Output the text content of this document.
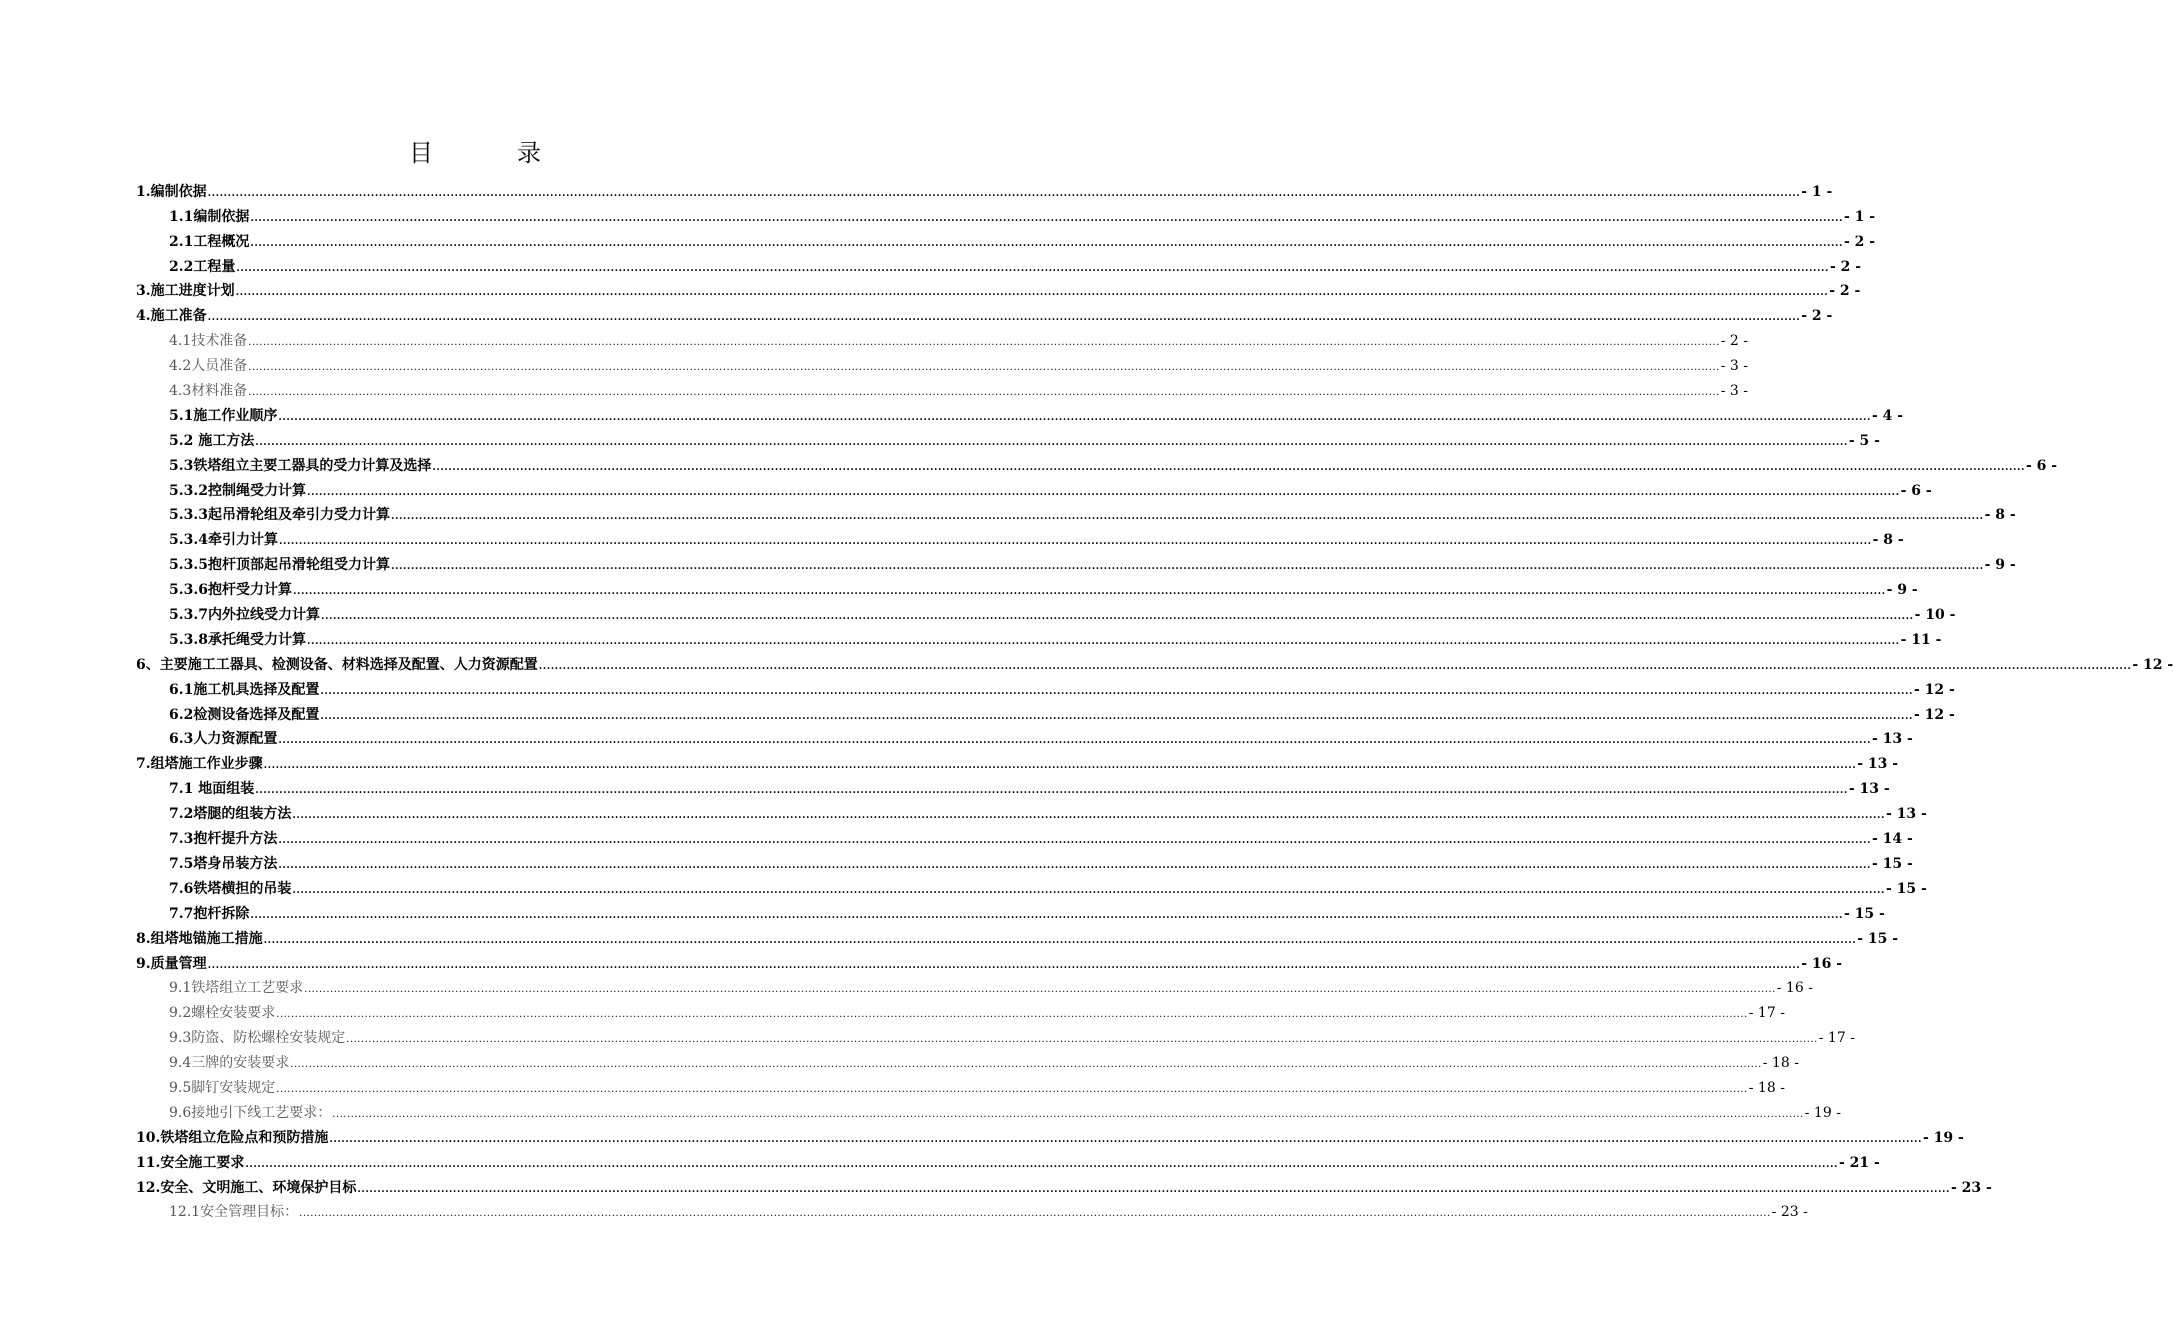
目　录
1.编制依据 ................................................................................................................................................................................................................................................................................................................................................................................................................ - 1 -
1.1编制依据 ................................................................................................................................................................................................................................................................................................................................................................................................................ - 1 -
2.1工程概况 ................................................................................................................................................................................................................................................................................................................................................................................................................ - 2 -
2.2工程量 ................................................................................................................................................................................................................................................................................................................................................................................................................ - 2 -
3.施工进度计划 ................................................................................................................................................................................................................................................................................................................................................................................................................ - 2 -
4.施工准备 ................................................................................................................................................................................................................................................................................................................................................................................................................ - 2 -
4.1技术准备 ................................................................................................................................................................................................................................................................................................................................................................................................................ - 2 -
4.2人员准备 ................................................................................................................................................................................................................................................................................................................................................................................................................ - 3 -
4.3材料准备 ................................................................................................................................................................................................................................................................................................................................................................................................................ - 3 -
5.1施工作业顺序 ................................................................................................................................................................................................................................................................................................................................................................................................................ - 4 -
5.2 施工方法 ................................................................................................................................................................................................................................................................................................................................................................................................................ - 5 -
5.3铁塔组立主要工器具的受力计算及选择 ................................................................................................................................................................................................................................................................................................................................................................................................................ - 6 -
5.3.2控制绳受力计算 ................................................................................................................................................................................................................................................................................................................................................................................................................ - 6 -
5.3.3起吊滑轮组及牵引力受力计算 ................................................................................................................................................................................................................................................................................................................................................................................................................ - 8 -
5.3.4牵引力计算 ................................................................................................................................................................................................................................................................................................................................................................................................................ - 8 -
5.3.5抱杆顶部起吊滑轮组受力计算 ................................................................................................................................................................................................................................................................................................................................................................................................................ - 9 -
5.3.6抱杆受力计算 ................................................................................................................................................................................................................................................................................................................................................................................................................ - 9 -
5.3.7内外拉线受力计算 ................................................................................................................................................................................................................................................................................................................................................................................................................ - 10 -
5.3.8承托绳受力计算 ................................................................................................................................................................................................................................................................................................................................................................................................................ - 11 -
6、主要施工工器具、检测设备、材料选择及配置、人力资源配置 ................................................................................................................................................................................................................................................................................................................................................................................................................ - 12 -
6.1施工机具选择及配置 ................................................................................................................................................................................................................................................................................................................................................................................................................ - 12 -
6.2检测设备选择及配置 ................................................................................................................................................................................................................................................................................................................................................................................................................ - 12 -
6.3人力资源配置 ................................................................................................................................................................................................................................................................................................................................................................................................................ - 13 -
7.组塔施工作业步骤 ................................................................................................................................................................................................................................................................................................................................................................................................................ - 13 -
7.1 地面组装 ................................................................................................................................................................................................................................................................................................................................................................................................................ - 13 -
7.2塔腿的组装方法 ................................................................................................................................................................................................................................................................................................................................................................................................................ - 13 -
7.3抱杆提升方法 ................................................................................................................................................................................................................................................................................................................................................................................................................ - 14 -
7.5塔身吊装方法 ................................................................................................................................................................................................................................................................................................................................................................................................................ - 15 -
7.6铁塔横担的吊装 ................................................................................................................................................................................................................................................................................................................................................................................................................ - 15 -
7.7抱杆拆除 ................................................................................................................................................................................................................................................................................................................................................................................................................ - 15 -
8.组塔地锚施工措施 ................................................................................................................................................................................................................................................................................................................................................................................................................ - 15 -
9.质量管理 ................................................................................................................................................................................................................................................................................................................................................................................................................ - 16 -
9.1铁塔组立工艺要求 ................................................................................................................................................................................................................................................................................................................................................................................................................ - 16 -
9.2螺栓安装要求 ................................................................................................................................................................................................................................................................................................................................................................................................................ - 17 -
9.3防盗、防松螺栓安装规定 ................................................................................................................................................................................................................................................................................................................................................................................................................ - 17 -
9.4三牌的安装要求 ................................................................................................................................................................................................................................................................................................................................................................................................................ - 18 -
9.5脚钉安装规定 ................................................................................................................................................................................................................................................................................................................................................................................................................ - 18 -
9.6接地引下线工艺要求： ................................................................................................................................................................................................................................................................................................................................................................................................................ - 19 -
10.铁塔组立危险点和预防措施 ................................................................................................................................................................................................................................................................................................................................................................................................................ - 19 -
11.安全施工要求 ................................................................................................................................................................................................................................................................................................................................................................................................................ - 21 -
12.安全、文明施工、环境保护目标 ................................................................................................................................................................................................................................................................................................................................................................................................................ - 23 -
12.1安全管理目标： ................................................................................................................................................................................................................................................................................................................................................................................................................ - 23 -
